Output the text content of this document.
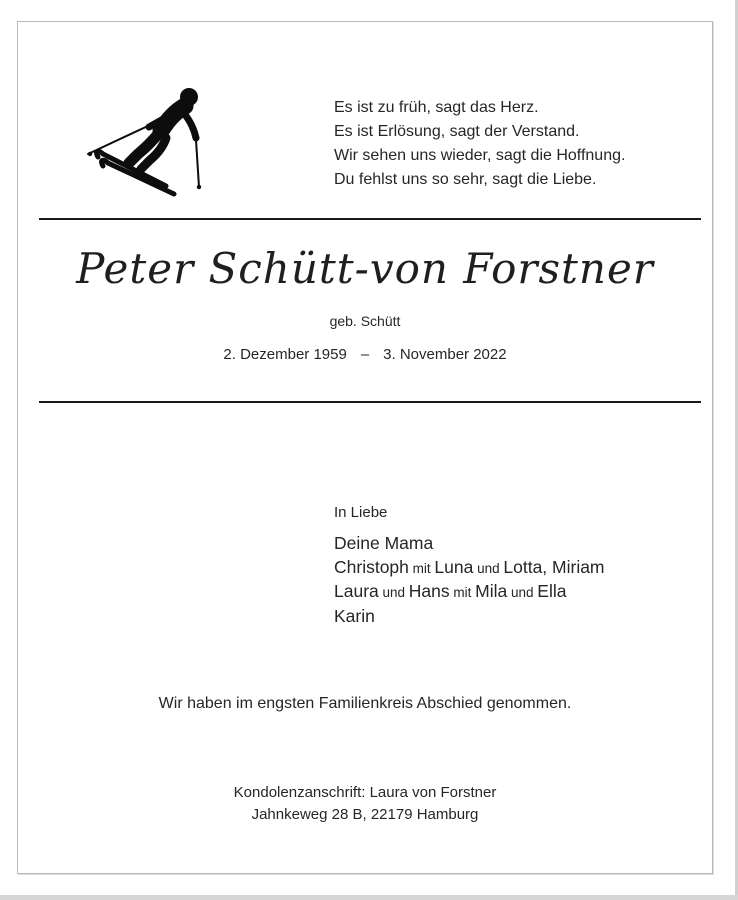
Es ist zu früh, sagt das Herz.
Es ist Erlösung, sagt der Verstand.
Wir sehen uns wieder, sagt die Hoffnung.
Du fehlst uns so sehr, sagt die Liebe.
Peter Schütt-von Forstner
geb. Schütt
2. Dezember 1959 – 3. November 2022
In Liebe
Deine Mama
Christoph mit Luna und Lotta, Miriam
Laura und Hans mit Mila und Ella
Karin
Wir haben im engsten Familienkreis Abschied genommen.
Kondolenzanschrift: Laura von Forstner
Jahnkeweg 28 B, 22179 Hamburg
